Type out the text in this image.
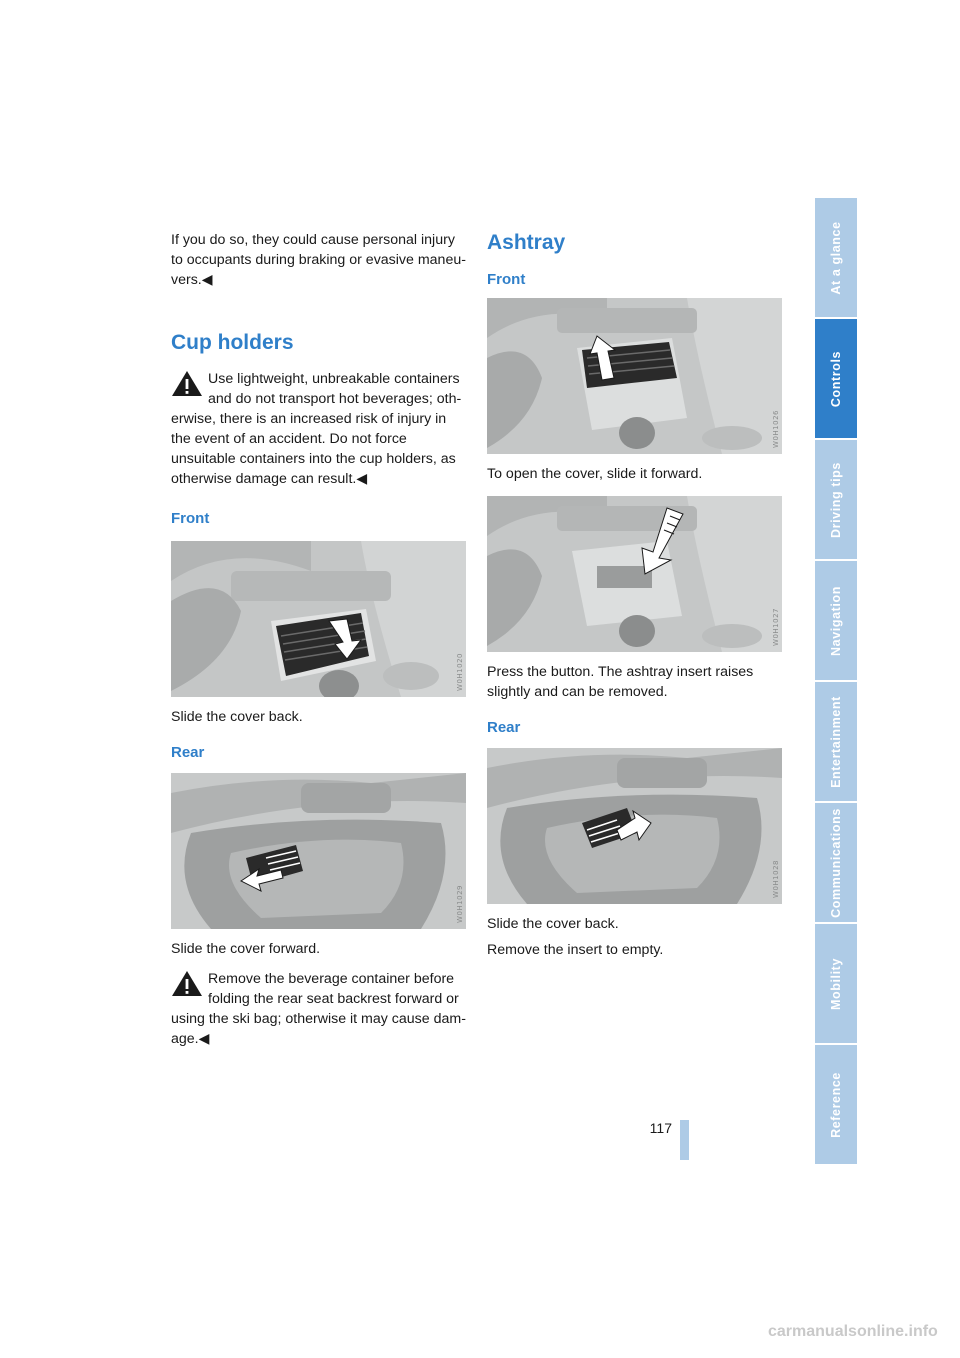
If you do so, they could cause personal injury to occupants during braking or evasive maneu-vers.◀

Cup holders

Use lightweight, unbreakable containers and do not transport hot beverages; oth-erwise, there is an increased risk of injury in the event of an accident. Do not force unsuitable containers into the cup holders, as otherwise damage can result.◀

Front
W0H1020

Slide the cover back.

Rear
W0H1029

Slide the cover forward.

Remove the beverage container before folding the rear seat backrest forward or using the ski bag; otherwise it may cause dam-age.◀

Ashtray
Front
W0H1026

To open the cover, slide it forward.

W0H1027

Press the button. The ashtray insert raises slightly and can be removed.

Rear
W0H1028

Slide the cover back.

Remove the insert to empty.

At a glance
Controls
Driving tips
Navigation
Entertainment
Communications
Mobility
Reference
117
carmanualsonline.info
